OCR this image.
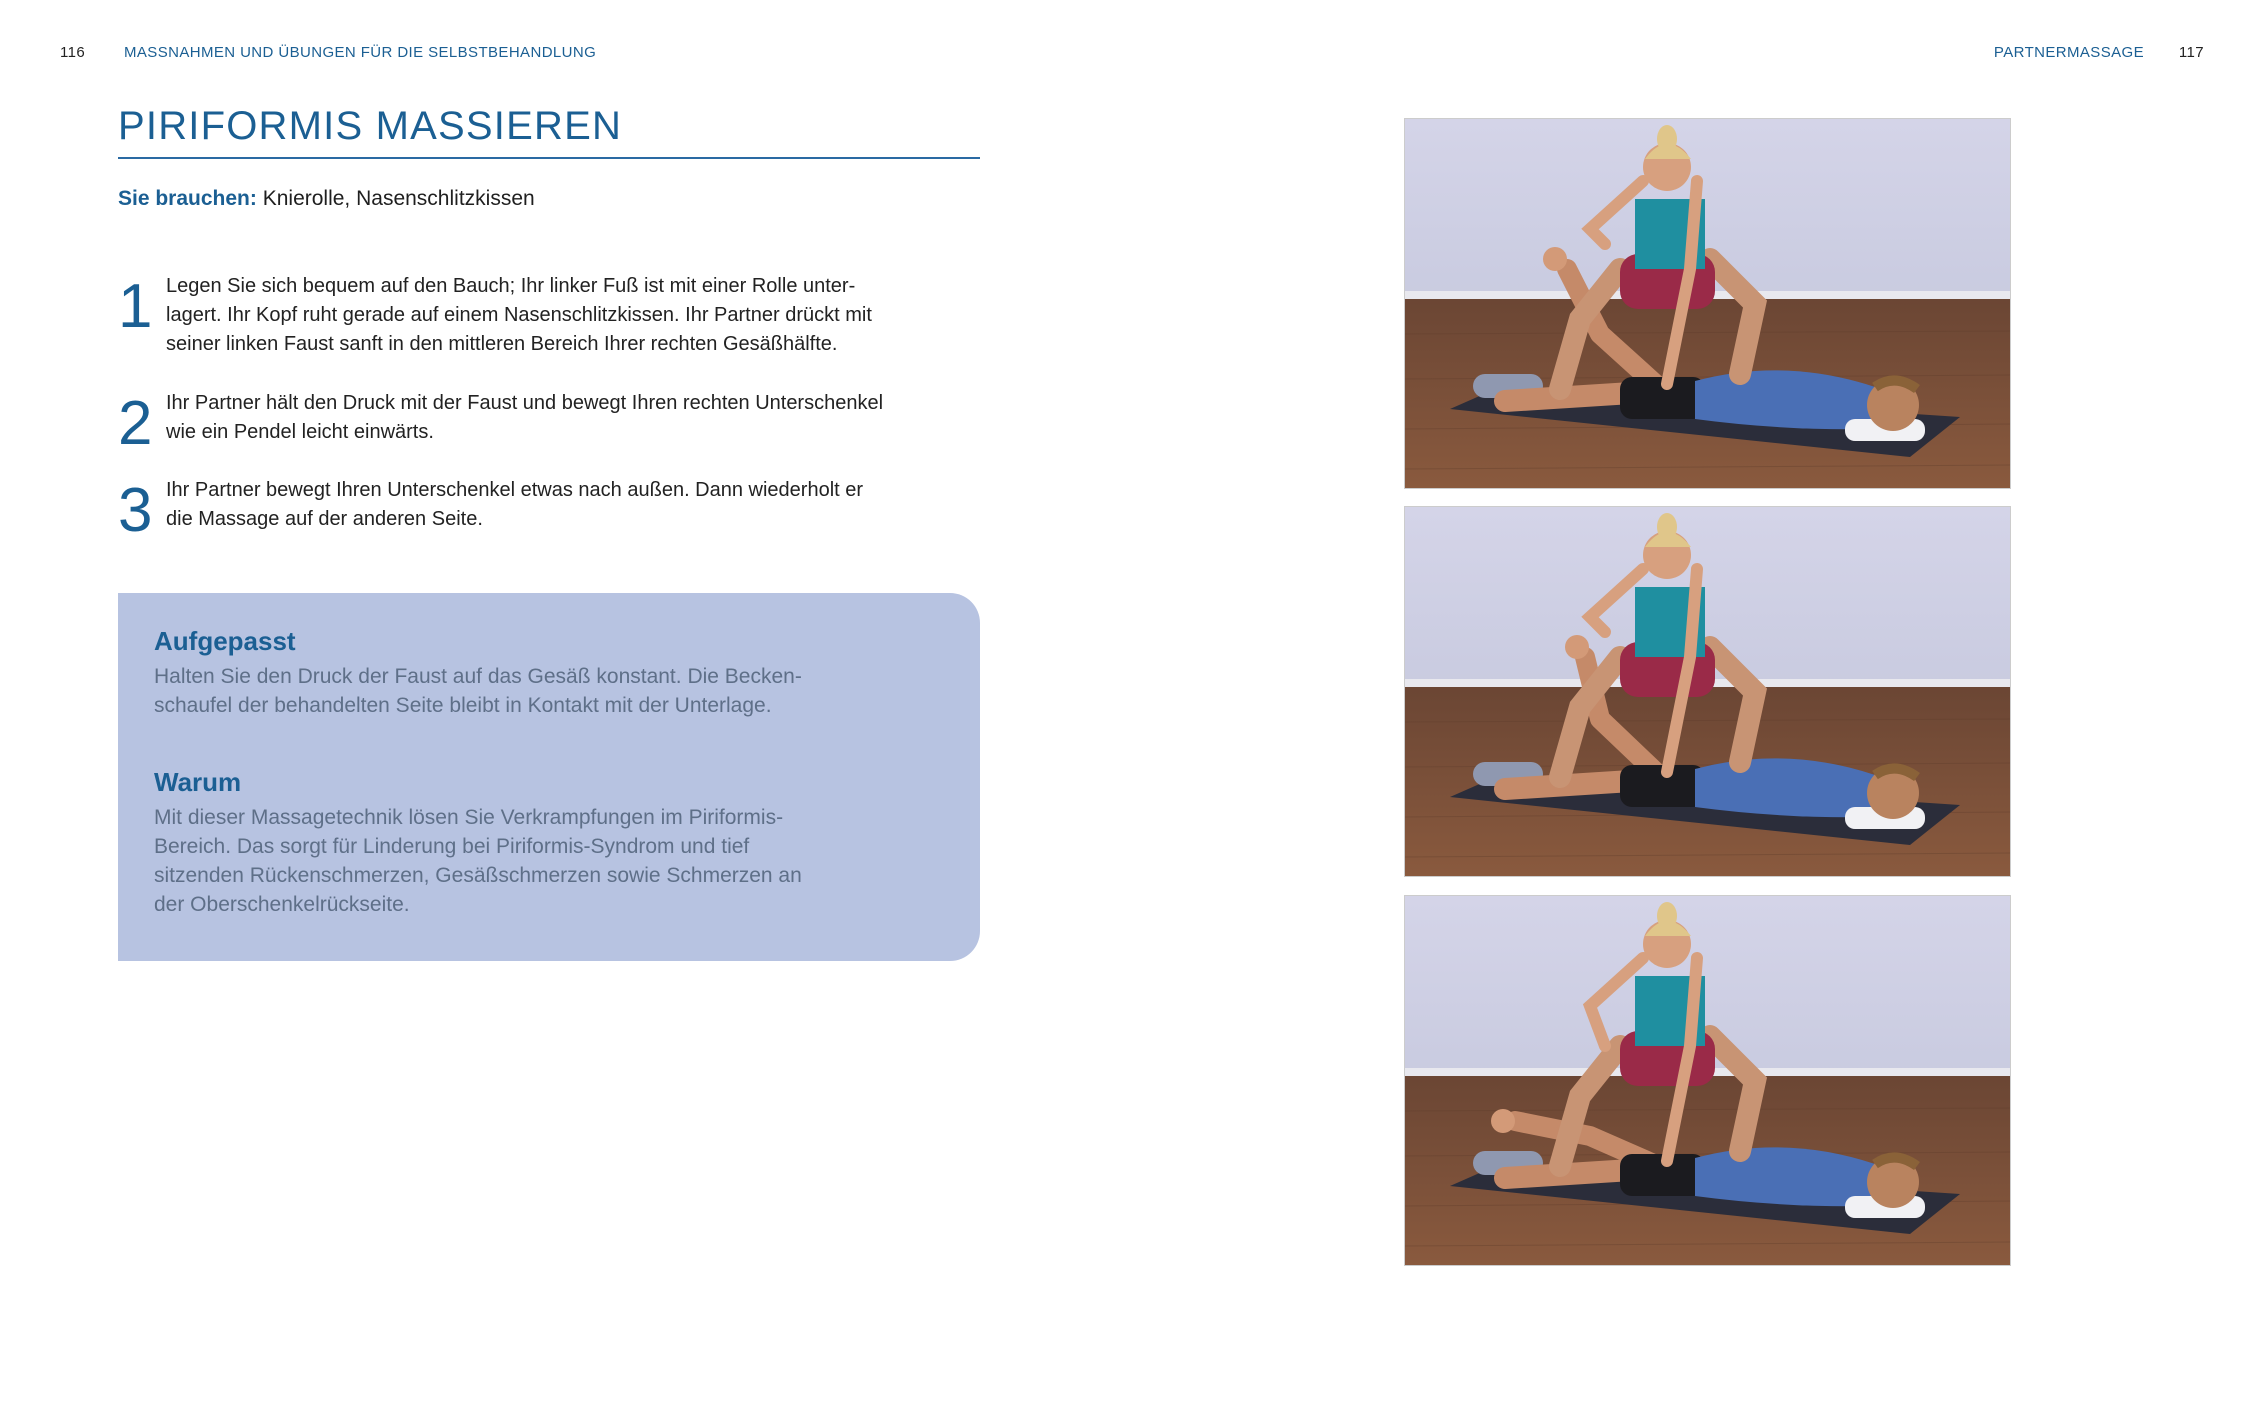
116	MASSNAHMEN UND ÜBUNGEN FÜR DIE SELBSTBEHANDLUNG	PARTNERMASSAGE 117
PIRIFORMIS MASSIEREN
Sie brauchen: Knierolle, Nasenschlitzkissen
1 Legen Sie sich bequem auf den Bauch; Ihr linker Fuß ist mit einer Rolle unter-
lagert. Ihr Kopf ruht gerade auf einem Nasenschlitzkissen. Ihr Partner drückt mit
seiner linken Faust sanft in den mittleren Bereich Ihrer rechten Gesäßhälfte.
2 Ihr Partner hält den Druck mit der Faust und bewegt Ihren rechten Unterschenkel
wie ein Pendel leicht einwärts.
3 Ihr Partner bewegt Ihren Unterschenkel etwas nach außen. Dann wiederholt er
die Massage auf der anderen Seite.
Aufgepasst
Halten Sie den Druck der Faust auf das Gesäß konstant. Die Becken-
schaufel der behandelten Seite bleibt in Kontakt mit der Unterlage.
Warum
Mit dieser Massagetechnik lösen Sie Verkrampfungen im Piriformis-
Bereich. Das sorgt für Linderung bei Piriformis-Syndrom und tief
sitzenden Rückenschmerzen, Gesäßschmerzen sowie Schmerzen an
der Oberschenkelrückseite.
